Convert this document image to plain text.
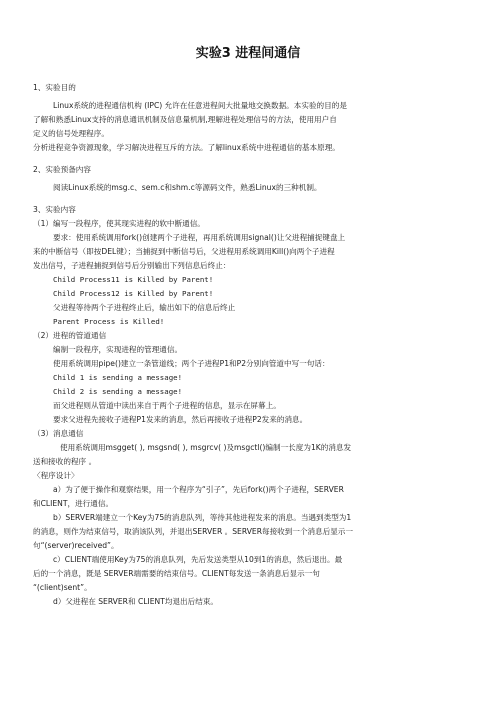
实验3 进程间通信
1、实验目的
Linux系统的进程通信机构 (IPC) 允许在任意进程间大批量地交换数据。本实验的目的是
了解和熟悉Linux支持的消息通讯机制及信息量机制,理解进程处理信号的方法，使用用户自
定义的信号处理程序。
分析进程竞争资源现象，学习解决进程互斥的方法。了解linux系统中进程通信的基本原理。
2、实验预备内容
阅读Linux系统的msg.c、sem.c和shm.c等源码文件，熟悉Linux的三种机制。
3、实验内容
（1）编写一段程序，使其现实进程的软中断通信。
要求：使用系统调用fork()创建两个子进程，再用系统调用signal()让父进程捕捉键盘上
来的中断信号（即按DEL键）；当捕捉到中断信号后，父进程用系统调用Kill()向两个子进程
发出信号，子进程捕捉到信号后分别输出下列信息后终止：
Child Process11 is Killed by Parent!
Child Process12 is Killed by Parent!
父进程等待两个子进程终止后，输出如下的信息后终止
Parent Process is Killed!
（2）进程的管道通信
编制一段程序，实现进程的管理通信。
使用系统调用pipe()建立一条管道线；两个子进程P1和P2分别向管道中写一句话：
Child 1 is sending a message!
Child 2 is sending a message!
而父进程则从管道中读出来自于两个子进程的信息，显示在屏幕上。
要求父进程先接收子进程P1发来的消息，然后再接收子进程P2发来的消息。
（3）消息通信
使用系统调用msgget( ), msgsnd( ), msgrcv( )及msgctl()编制一长度为1K的消息发
送和接收的程序 。
〈程序设计〉
a）为了便于操作和观察结果，用一个程序为“引子”，先后fork()两个子进程，SERVER
和CLIENT，进行通信。
b）SERVER端建立一个Key为75的消息队列，等待其他进程发来的消息。当遇到类型为1
的消息，则作为结束信号，取消该队列，并退出SERVER 。SERVER每接收到一个消息后显示一
句“(server)received”。
c）CLIENT端使用Key为75的消息队列，先后发送类型从10到1的消息，然后退出。最
后的一个消息，既是 SERVER端需要的结束信号。CLIENT每发送一条消息后显示一句
“(client)sent”。
d）父进程在 SERVER和 CLIENT均退出后结束。
